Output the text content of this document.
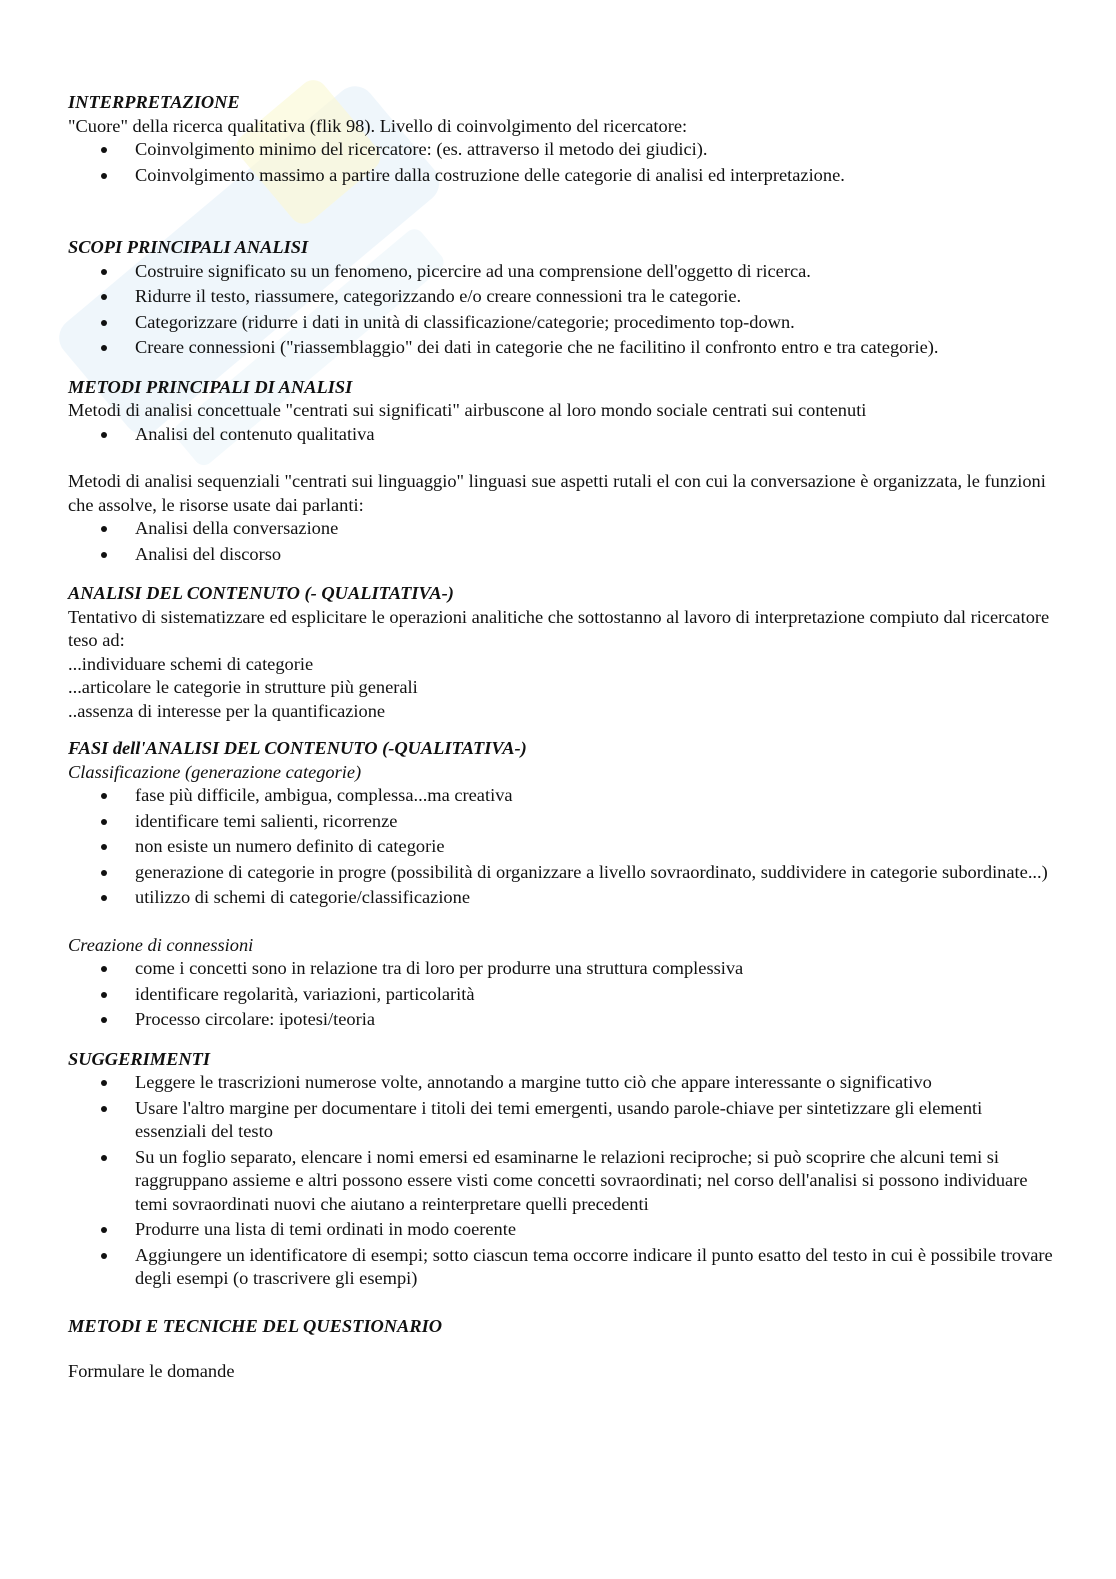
INTERPRETAZIONE

"Cuore" della ricerca qualitativa (flik 98). Livello di coinvolgimento del ricercatore:

Coinvolgimento minimo del ricercatore: (es. attraverso il metodo dei giudici).
Coinvolgimento massimo a partire dalla costruzione delle categorie di analisi ed interpretazione.

SCOPI PRINCIPALI ANALISI

Costruire significato su un fenomeno, picercire ad una comprensione dell'oggetto di ricerca.
Ridurre il testo, riassumere, categorizzando e/o creare connessioni tra le categorie.
Categorizzare (ridurre i dati in unità di classificazione/categorie; procedimento top-down.
Creare connessioni ("riassemblaggio" dei dati in categorie che ne facilitino il confronto entro e tra categorie).

METODI PRINCIPALI DI ANALISI

Metodi di analisi concettuale "centrati sui significati" airbuscone al loro mondo sociale centrati sui contenuti

Analisi del contenuto qualitativa

Metodi di analisi sequenziali "centrati sui linguaggio" linguasi sue aspetti rutali el con cui la conversazione è organizzata, le funzioni che assolve, le risorse usate dai parlanti:

Analisi della conversazione
Analisi del discorso

ANALISI DEL CONTENUTO (- QUALITATIVA-)

Tentativo di sistematizzare ed esplicitare le operazioni analitiche che sottostanno al lavoro di interpretazione compiuto dal ricercatore teso ad:

...individuare schemi di categorie

...articolare le categorie in strutture più generali

..assenza di interesse per la quantificazione

FASI dell'ANALISI DEL CONTENUTO (-QUALITATIVA-)

Classificazione (generazione categorie)

fase più difficile, ambigua, complessa...ma creativa
identificare temi salienti, ricorrenze
non esiste un numero definito di categorie
generazione di categorie in progre (possibilità di organizzare a livello sovraordinato, suddividere in categorie subordinate...)
utilizzo di schemi di categorie/classificazione

Creazione di connessioni

come i concetti sono in relazione tra di loro per produrre una struttura complessiva
identificare regolarità, variazioni, particolarità
Processo circolare: ipotesi/teoria

SUGGERIMENTI

Leggere le trascrizioni numerose volte, annotando a margine tutto ciò che appare interessante o significativo
Usare l'altro margine per documentare i titoli dei temi emergenti, usando parole-chiave per sintetizzare gli elementi essenziali del testo
Su un foglio separato, elencare i nomi emersi ed esaminarne le relazioni reciproche; si può scoprire che alcuni temi si raggruppano assieme e altri possono essere visti come concetti sovraordinati; nel corso dell'analisi si possono individuare temi sovraordinati nuovi che aiutano a reinterpretare quelli precedenti
Produrre una lista di temi ordinati in modo coerente
Aggiungere un identificatore di esempi; sotto ciascun tema occorre indicare il punto esatto del testo in cui è possibile trovare degli esempi (o trascrivere gli esempi)

METODI E TECNICHE DEL QUESTIONARIO

Formulare le domande
